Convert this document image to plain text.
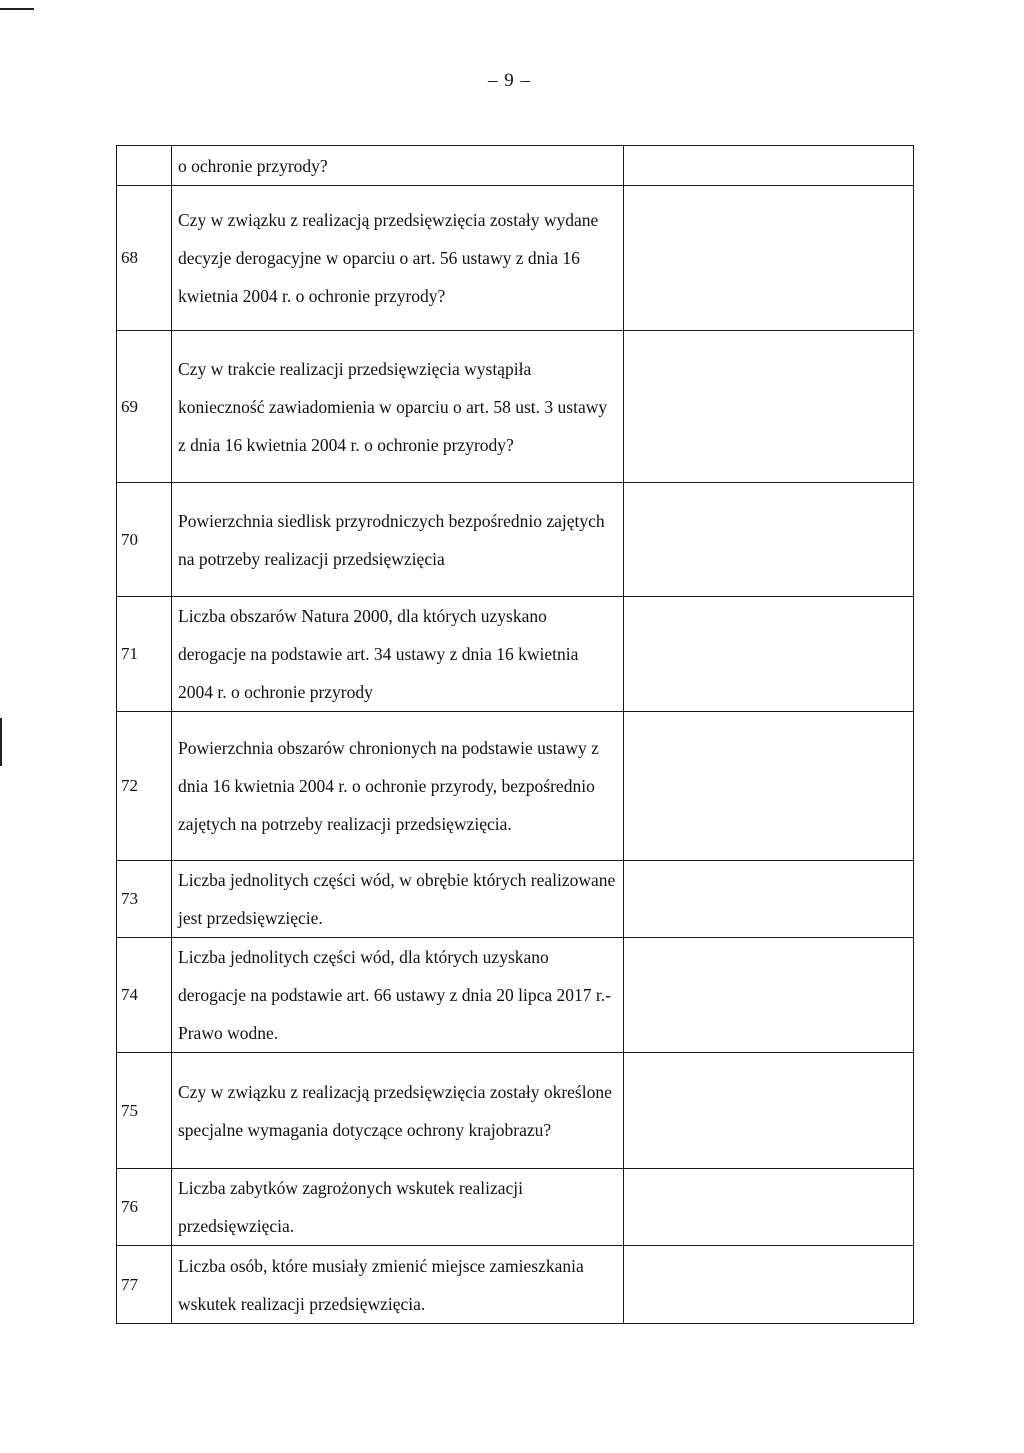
– 9 –
	o ochronie przyrody?	
68	Czy w związku z realizacją przedsięwzięcia zostały wydane decyzje derogacyjne w oparciu o art. 56 ustawy z dnia 16 kwietnia 2004 r. o ochronie przyrody?	
69	Czy w trakcie realizacji przedsięwzięcia wystąpiła konieczność zawiadomienia w oparciu o art. 58 ust. 3 ustawy z dnia 16 kwietnia 2004 r. o ochronie przyrody?	
70	Powierzchnia siedlisk przyrodniczych bezpośrednio zajętych na potrzeby realizacji przedsięwzięcia	
71	Liczba obszarów Natura 2000, dla których uzyskano derogacje na podstawie art. 34 ustawy z dnia 16 kwietnia 2004 r. o ochronie przyrody	
72	Powierzchnia obszarów chronionych na podstawie ustawy z dnia 16 kwietnia 2004 r. o ochronie przyrody, bezpośrednio zajętych na potrzeby realizacji przedsięwzięcia.	
73	Liczba jednolitych części wód, w obrębie których realizowane jest przedsięwzięcie.	
74	Liczba jednolitych części wód, dla których uzyskano derogacje na podstawie art. 66 ustawy z dnia 20 lipca 2017 r.- Prawo wodne.	
75	Czy w związku z realizacją przedsięwzięcia zostały określone specjalne wymagania dotyczące ochrony krajobrazu?	
76	Liczba zabytków zagrożonych wskutek realizacji przedsięwzięcia.	
77	Liczba osób, które musiały zmienić miejsce zamieszkania wskutek realizacji przedsięwzięcia.	
